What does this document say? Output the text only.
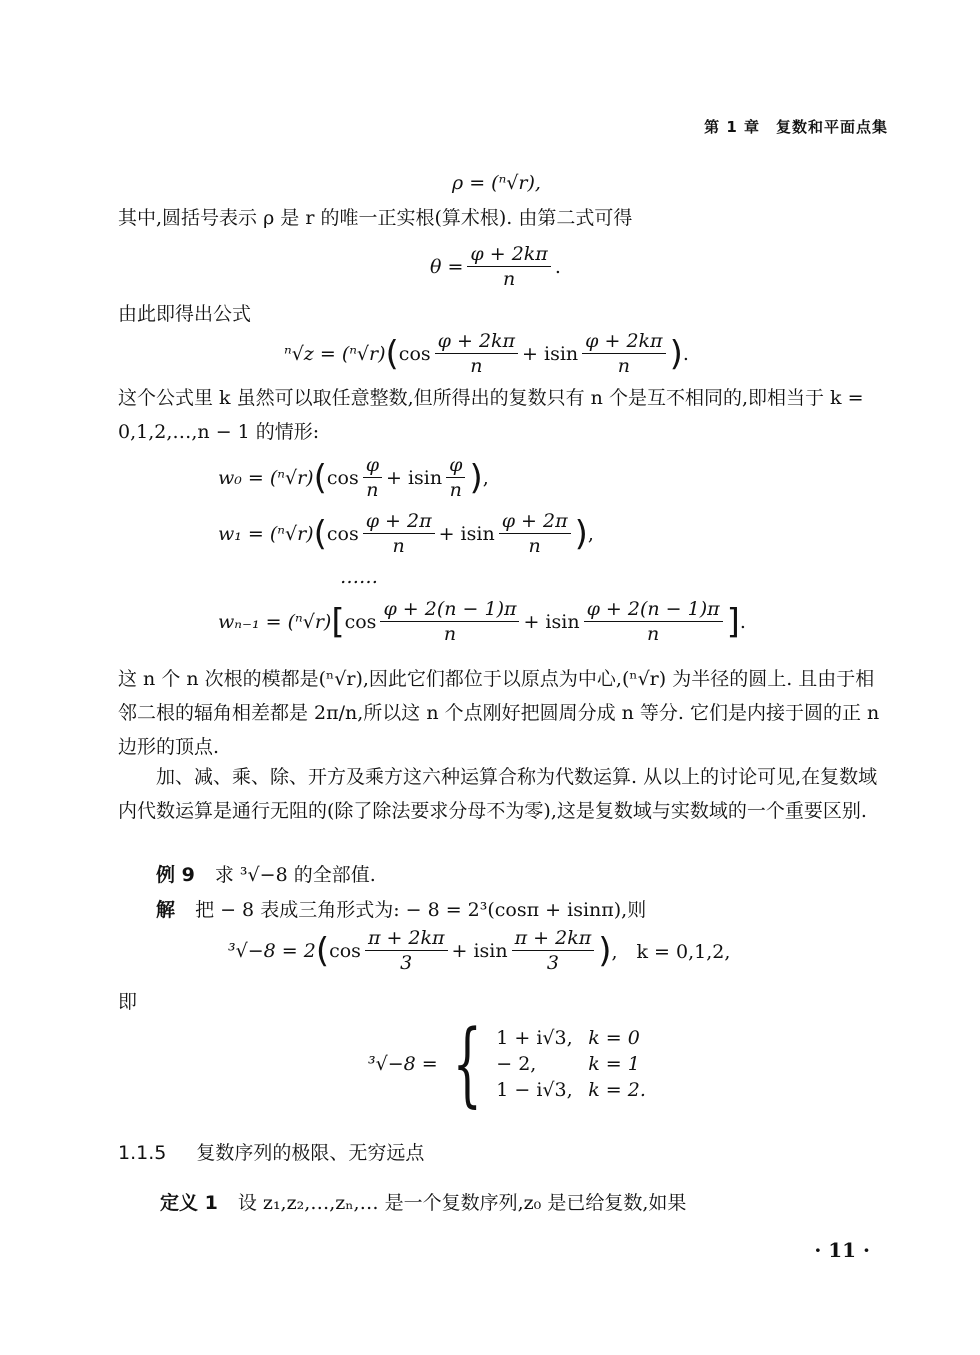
第 1 章　复数和平面点集
ρ = (ⁿ√r),
其中,圆括号表示 ρ 是 r 的唯一正实根(算术根). 由第二式可得
$\theta = \frac{\varphi + 2k\pi}{n}$ .
由此即得出公式
ⁿ√z = (ⁿ√r) ( $\cos \frac{\varphi + 2k\pi}{n} + isin \frac{\varphi + 2k\pi}{n}$ ) .
这个公式里 k 虽然可以取任意整数,但所得出的复数只有 n 个是互不相同的,即相当于 k = 0,1,2,…,n − 1 的情形:
w₀ = (ⁿ√r) ( $\cos \frac{\varphi}{n} + isin \frac{\varphi}{n}$ ) ,
w₁ = (ⁿ√r) ( $\cos \frac{\varphi + 2\pi}{n} + isin \frac{\varphi + 2\pi}{n}$ ) ,
……
wₙ₋₁ = (ⁿ√r) [ $\cos \frac{\varphi + 2(n - 1)\pi}{n} + isin \frac{\varphi + 2(n - 1)\pi}{n}$ ] .
这 n 个 n 次根的模都是(ⁿ√r),因此它们都位于以原点为中心,(ⁿ√r) 为半径的圆上. 且由于相邻二根的辐角相差都是 2π/n,所以这 n 个点刚好把圆周分成 n 等分. 它们是内接于圆的正 n 边形的顶点.
加、减、乘、除、开方及乘方这六种运算合称为代数运算. 从以上的讨论可见,在复数域内代数运算是通行无阻的(除了除法要求分母不为零),这是复数域与实数域的一个重要区别.
例 9 求 ³√−8 的全部值.
解 把 − 8 表成三角形式为: − 8 = 2³(cosπ + isinπ),则
³√−8 = 2 ( $\cos \frac{\pi + 2k\pi}{3} + isin \frac{\pi + 2k\pi}{3}$ ) ,　k = 0,1,2,
即
³√−8 = { 1 + i√3, k = 0
− 2,	k = 1
1 − i√3, k = 2.
1.1.5 复数序列的极限、无穷远点
定义 1 设 z₁,z₂,…,zₙ,… 是一个复数序列,z₀ 是已给复数,如果
· 11 ·
